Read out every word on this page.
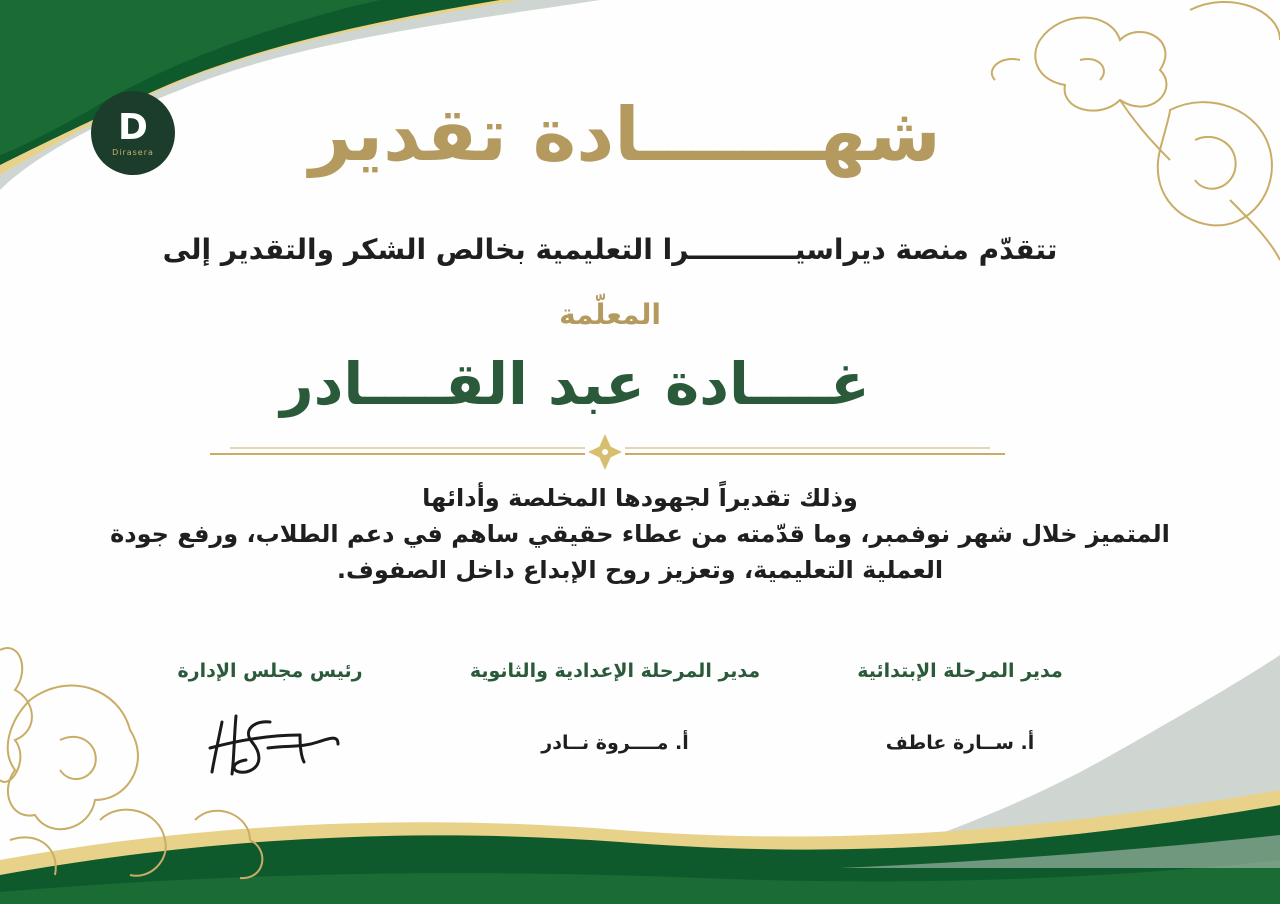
D
Dirasera شهـــــــادة تقدير
تتقدّم منصة ديراسيـــــــــــرا التعليمية بخالص الشكر والتقدير إلى
المعلّمة
غــــادة عبد القــــادر
وذلك تقديراً لجهودها المخلصة وأدائها
المتميز خلال شهر نوفمبر، وما قدّمته من عطاء حقيقي ساهم في دعم الطلاب، ورفع جودة
العملية التعليمية، وتعزيز روح الإبداع داخل الصفوف.
مدير المرحلة الإبتدائية
مدير المرحلة الإعدادية والثانوية
رئيس مجلس الإدارة
أ. ســارة عاطف
أ. مــــروة نــادر
